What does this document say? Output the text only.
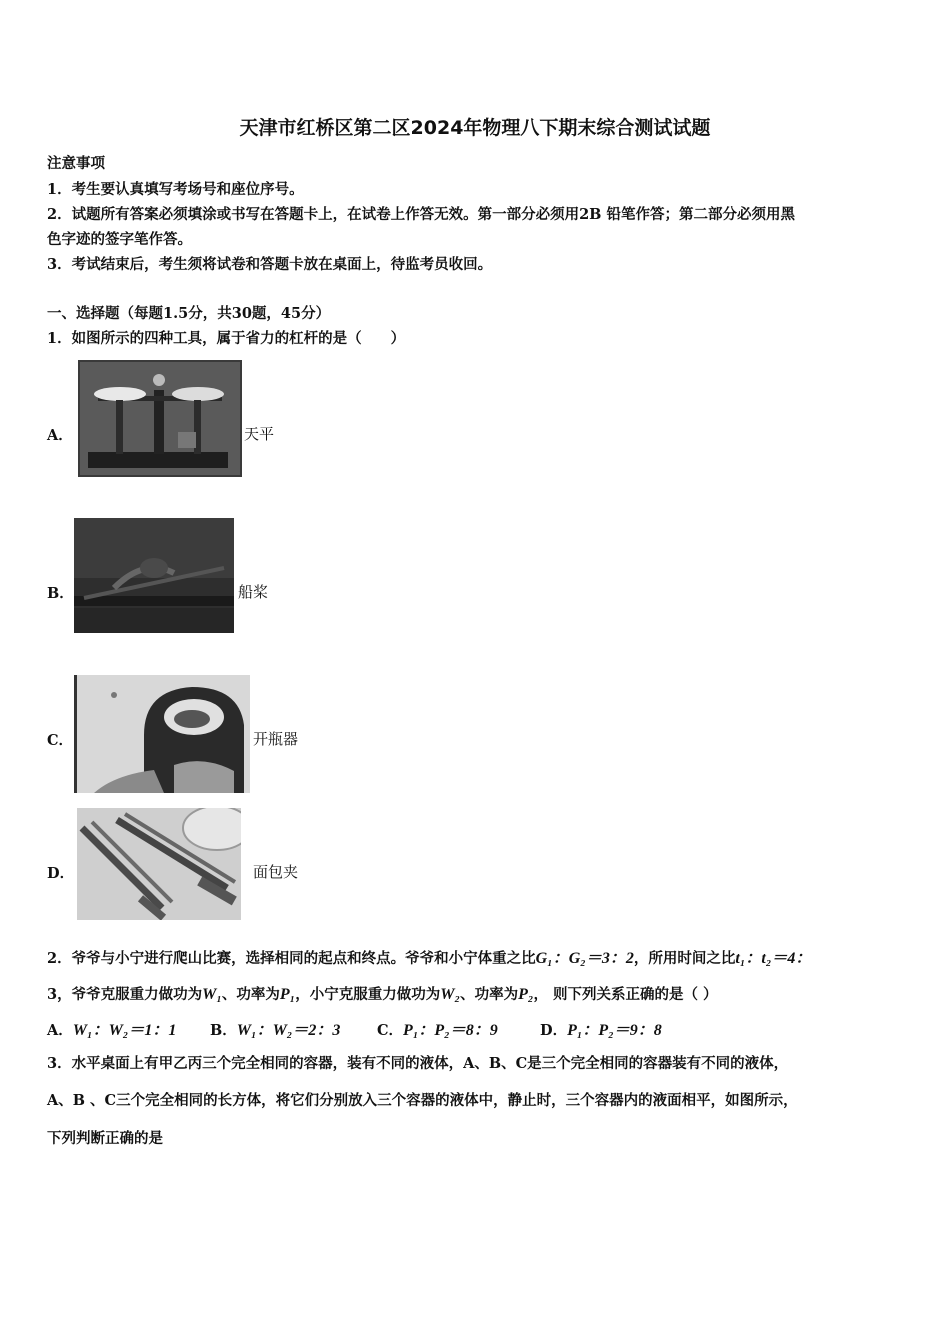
天津市红桥区第二区2024年物理八下期末综合测试试题
注意事项
1．考生要认真填写考场号和座位序号。
2．试题所有答案必须填涂或书写在答题卡上，在试卷上作答无效。第一部分必须用2B 铅笔作答；第二部分必须用黑
色字迹的签字笔作答。
3．考试结束后，考生须将试卷和答题卡放在桌面上，待监考员收回。
一、选择题（每题1.5分，共30题，45分）
1．如图所示的四种工具，属于省力的杠杆的是（　　）
A．	天平
B．	船桨
C．	开瓶器
D．	面包夹
2．爷爷与小宁进行爬山比赛，选择相同的起点和终点。爷爷和小宁体重之比G₁：G₂＝3：2，所用时间之比t₁：t₂＝4：
3，爷爷克服重力做功为W₁、功率为P₁，小宁克服重力做功为W₂、功率为P₂， 则下列关系正确的是（ ）
A．W₁：W₂＝1：1 B．W₁：W₂＝2：3	C．P₁：P₂＝8：9	D．P₁：P₂＝9：8
3．水平桌面上有甲乙丙三个完全相同的容器，装有不同的液体，A、B、C是三个完全相同的容器装有不同的液体，
A、B 、C三个完全相同的长方体，将它们分别放入三个容器的液体中，静止时，三个容器内的液面相平，如图所示，
下列判断正确的是
